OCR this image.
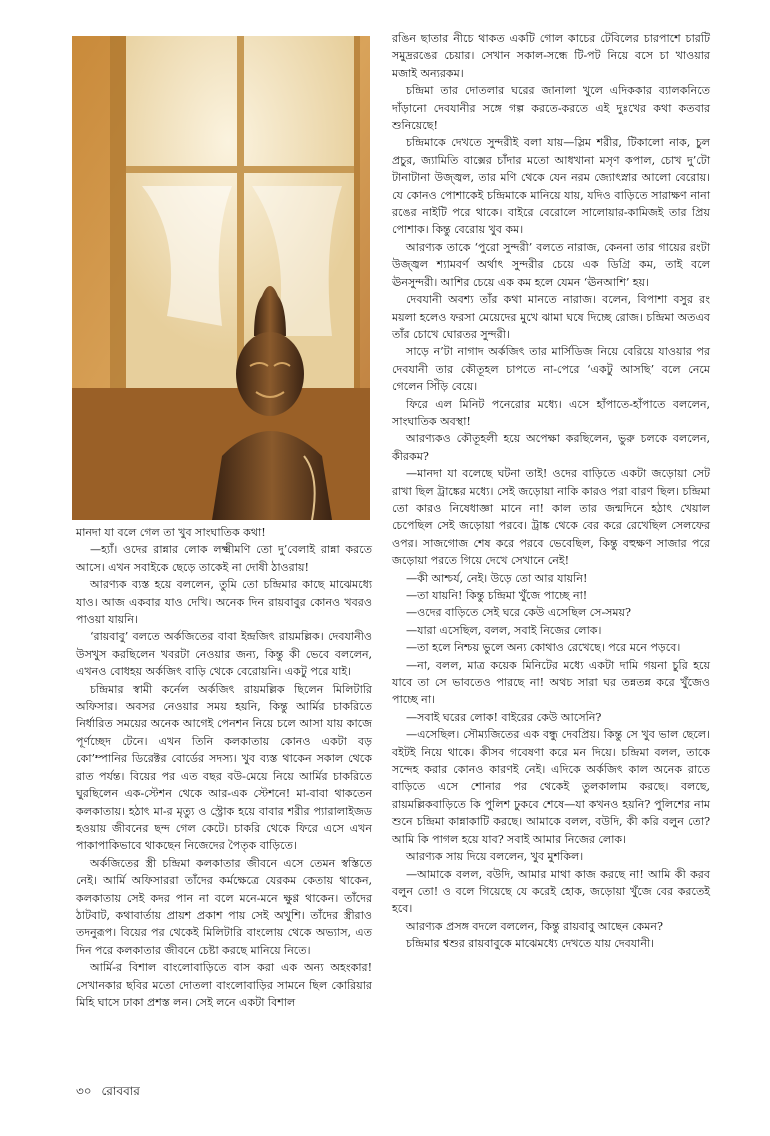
মানদা যা বলে গেল তা খুব সাংঘাতিক কথা!

—হ্যাঁ। ওদের রান্নার লোক লক্ষ্মীমণি তো দু’বেলাই রান্না করতে আসে। এখন সবাইকে ছেড়ে তাকেই না দোষী ঠাওরায়!

আরণ্যক ব্যস্ত হয়ে বললেন, তুমি তো চন্দ্রিমার কাছে মাঝেমধ্যে যাও। আজ একবার যাও দেখি। অনেক দিন রায়বাবুর কোনও খবরও পাওয়া যায়নি।

‘রায়বাবু’ বলতে অর্কজিতের বাবা ইন্দ্রজিৎ রায়মল্লিক। দেবযানীও উসখুস করছিলেন খবরটা নেওয়ার জন্য, কিন্তু কী ভেবে বললেন, এখনও বোধহয় অর্কজিৎ বাড়ি থেকে বেরোয়নি। একটু পরে যাই।

চন্দ্রিমার স্বামী কর্নেল অর্কজিৎ রায়মল্লিক ছিলেন মিলিটারি অফিসার। অবসর নেওয়ার সময় হয়নি, কিন্তু আর্মির চাকরিতে নির্ধারিত সময়ের অনেক আগেই পেনশন নিয়ে চলে আসা যায় কাজে পূর্ণচ্ছেদ টেনে। এখন তিনি কলকাতায় কোনও একটা বড় কো’ম্পানির ডিরেক্টর বোর্ডের সদস্য। খুব ব্যস্ত থাকেন সকাল থেকে রাত পর্যন্ত। বিয়ের পর এত বছর বউ-মেয়ে নিয়ে আর্মির চাকরিতে ঘুরছিলেন এক-স্টেশন থেকে আর-এক স্টেশনে! মা-বাবা থাকতেন কলকাতায়। হঠাৎ মা-র মৃত্যু ও স্ট্রোক হয়ে বাবার শরীর প্যারালাইজড হওয়ায় জীবনের ছন্দ গেল কেটে। চাকরি থেকে ফিরে এসে এখন পাকাপাকিভাবে থাকছেন নিজেদের পৈতৃক বাড়িতে।

অর্কজিতের স্ত্রী চন্দ্রিমা কলকাতার জীবনে এসে তেমন স্বস্তিতে নেই। আর্মি অফিসাররা তাঁদের কর্মক্ষেত্রে যেরকম কেতায় থাকেন, কলকাতায় সেই কদর পান না বলে মনে-মনে ক্ষুণ্ণ থাকেন। তাঁদের ঠাটবাট, কথাবার্তায় প্রায়শ প্রকাশ পায় সেই অখুশি। তাঁদের স্ত্রীরাও তদনুরূপ। বিয়ের পর থেকেই মিলিটারি বাংলোয় থেকে অভ্যাস, এত দিন পরে কলকাতার জীবনে চেষ্টা করছে মানিয়ে নিতে।

আর্মি-র বিশাল বাংলোবাড়িতে বাস করা এক অন্য অহংকার! সেখানকার ছবির মতো দোতলা বাংলোবাড়ির সামনে ছিল কোরিয়ার মিহি ঘাসে ঢাকা প্রশস্ত লন। সেই লনে একটা বিশাল

রঙিন ছাতার নীচে থাকত একটি গোল কাচের টেবিলের চারপাশে চারটি সমুদ্ররঙের চেয়ার। সেখান সকাল-সন্ধে টি-পট নিয়ে বসে চা খাওয়ার মজাই অন্যরকম।

চন্দ্রিমা তার দোতলার ঘরের জানালা খুলে এদিককার ব্যালকনিতে দাঁড়ানো দেবযানীর সঙ্গে গল্প করতে-করতে এই দুঃখের কথা কতবার শুনিয়েছে!

চন্দ্রিমাকে দেখতে সুন্দরীই বলা যায়—স্লিম শরীর, টিকালো নাক, চুল প্রচুর, জ্যামিতি বাক্সের চাঁদার মতো আধখানা মসৃণ কপাল, চোখ দু’টো টানাটানা উজ্জ্বল, তার মণি থেকে যেন নরম জ্যোৎস্নার আলো বেরোয়। যে কোনও পোশাকেই চন্দ্রিমাকে মানিয়ে যায়, যদিও বাড়িতে সারাক্ষণ নানা রঙের নাইটি পরে থাকে। বাইরে বেরোলে সালোয়ার-কামিজই তার প্রিয় পোশাক। কিন্তু বেরোয় খুব কম।

আরণ্যক তাকে ‘পুরো সুন্দরী’ বলতে নারাজ, কেননা তার গায়ের রংটা উজ্জ্বল শ্যামবর্ণ অর্থাৎ সুন্দরীর চেয়ে এক ডিগ্রি কম, তাই বলে ঊনসুন্দরী। আশির চেয়ে এক কম হলে যেমন ‘ঊনআশি’ হয়।

দেবযানী অবশ্য তাঁর কথা মানতে নারাজ। বলেন, বিপাশা বসুর রং ময়লা হলেও ফরসা মেয়েদের মুখে ঝামা ঘষে দিচ্ছে রোজ। চন্দ্রিমা অতএব তাঁর চোখে ঘোরতর সুন্দরী।

সাড়ে ন’টা নাগাদ অর্কজিৎ তার মার্সিডিজ নিয়ে বেরিয়ে যাওয়ার পর দেবযানী তার কৌতূহল চাপতে না-পেরে ‘একটু আসছি’ বলে নেমে গেলেন সিঁড়ি বেয়ে।

ফিরে এল মিনিট পনেরোর মধ্যে। এসে হাঁপাতে-হাঁপাতে বললেন, সাংঘাতিক অবস্থা!

আরণ্যকও কৌতূহলী হয়ে অপেক্ষা করছিলেন, ভুরু চলকে বললেন, কীরকম?

—মানদা যা বলেছে ঘটনা তাই! ওদের বাড়িতে একটা জড়োয়া সেট রাখা ছিল ট্রাঙ্কের মধ্যে। সেই জড়োয়া নাকি কারও পরা বারণ ছিল। চন্দ্রিমা তো কারও নিষেধাজ্ঞা মানে না! কাল তার জন্মদিনে হঠাৎ খেয়াল চেপেছিল সেই জড়োয়া পরবে। ট্রাঙ্ক থেকে বের করে রেখেছিল সেলফের ওপর। সাজগোজ শেষ করে পরবে ভেবেছিল, কিন্তু বহুক্ষণ সাজার পরে জড়োয়া পরতে গিয়ে দেখে সেখানে নেই!

—কী আশ্চর্য, নেই। উড়ে তো আর যায়নি!

—তা যায়নি! কিন্তু চন্দ্রিমা খুঁজে পাচ্ছে না!

—ওদের বাড়িতে সেই ঘরে কেউ এসেছিল সে-সময়?

—যারা এসেছিল, বলল, সবাই নিজের লোক।

—তা হলে নিশ্চয় ভুলে অন্য কোথাও রেখেছে। পরে মনে পড়বে।

—না, বলল, মাত্র কয়েক মিনিটের মধ্যে একটা দামি গয়না চুরি হয়ে যাবে তা সে ভাবতেও পারছে না! অথচ সারা ঘর তন্নতন্ন করে খুঁজেও পাচ্ছে না।

—সবাই ঘরের লোক! বাইরের কেউ আসেনি?

—এসেছিল। সৌম্যজিতের এক বন্ধু দেবপ্রিয়। কিন্তু সে খুব ভাল ছেলে। বইটই নিয়ে থাকে। কীসব গবেষণা করে মন দিয়ে। চন্দ্রিমা বলল, তাকে সন্দেহ করার কোনও কারণই নেই। এদিকে অর্কজিৎ কাল অনেক রাতে বাড়িতে এসে শোনার পর থেকেই তুলকালাম করছে। বলছে, রায়মল্লিকবাড়িতে কি পুলিশ ঢুকবে শেষে—যা কখনও হয়নি? পুলিশের নাম শুনে চন্দ্রিমা কান্নাকাটি করছে। আমাকে বলল, বউদি, কী করি বলুন তো? আমি কি পাগল হয়ে যাব? সবাই আমার নিজের লোক।

আরণ্যক সায় দিয়ে বললেন, খুব মুশকিল।

—আমাকে বলল, বউদি, আমার মাথা কাজ করছে না! আমি কী করব বলুন তো! ও বলে গিয়েছে যে করেই হোক, জড়োয়া খুঁজে বের করতেই হবে।

আরণ্যক প্রসঙ্গ বদলে বললেন, কিন্তু রায়বাবু আছেন কেমন?

চন্দ্রিমার শ্বশুর রায়বাবুকে মাঝেমধ্যে দেখতে যায় দেবযানী।

৩০ রোববার
